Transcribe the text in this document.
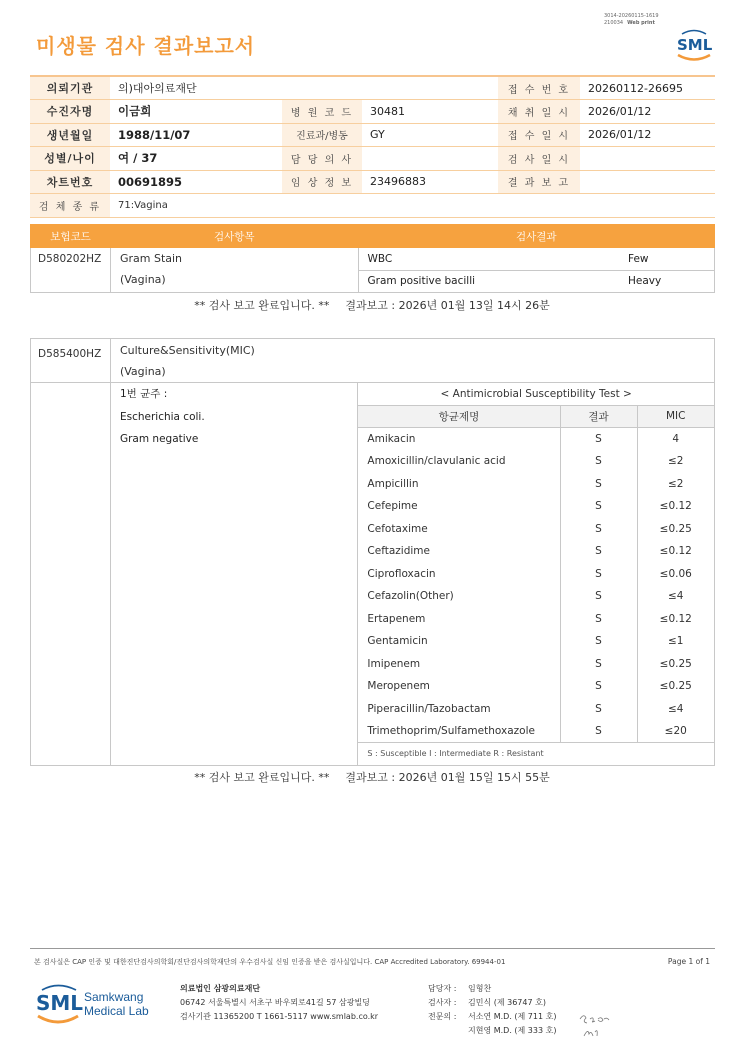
3014-20260115-1619
210034 Web print
미생물 검사 결과보고서	SML
의뢰기관	의)대아의료재단			접 수 번 호	20260112-26695
수진자명	이금희	병 원 코 드	30481	채 취 일 시	2026/01/12
생년월일	1988/11/07	진료과/병동	GY	접 수 일 시	2026/01/12
성별/나이	여 / 37	담 당 의 사		검 사 일 시	
차트번호	00691895	임 상 정 보	23496883	결 과 보 고	
검 체 종 류	71:Vagina				
보험코드	검사항목	검사결과
D580202HZ	Gram Stain
(Vagina)

WBC	Few
Gram positive bacilli	Heavy
** 검사 보고 완료입니다. ** 결과보고 : 2026년 01월 13일 14시 26분
D585400HZ	Culture&Sensitivity(MIC)
(Vagina)

1번 균주 :
Escherichia coli.
Gram negative

< Antimicrobial Susceptibility Test >
항균제명	결과	MIC
Amikacin	S	4
Amoxicillin/clavulanic acid	S	≤2
Ampicillin	S	≤2
Cefepime	S	≤0.12
Cefotaxime	S	≤0.25
Ceftazidime	S	≤0.12
Ciprofloxacin	S	≤0.06
Cefazolin(Other)	S	≤4
Ertapenem	S	≤0.12
Gentamicin	S	≤1
Imipenem	S	≤0.25
Meropenem	S	≤0.25
Piperacillin/Tazobactam	S	≤4
Trimethoprim/Sulfamethoxazole	S	≤20
S : Susceptible I : Intermediate R : Resistant
** 검사 보고 완료입니다. ** 결과보고 : 2026년 01월 15일 15시 55분
본 검사실은 CAP 인증 및 대한진단검사의학회/진단검사의학재단의 우수검사실 신임 인증을 받은 검사실입니다. CAP Accredited Laboratory. 69944-01	Page 1 of 1
SML Samkwang
Medical Lab
의료법인 삼광의료재단
06742 서울특별시 서초구 바우뫼로41길 57 삼광빌딩
검사기관 11365200 T 1661-5117 www.smlab.co.kr
담당자 :	임형찬
검사자 :	김민식 (제 36747 호)
전문의 :	서소연 M.D. (제 711 호)
지현영 M.D. (제 333 호)
